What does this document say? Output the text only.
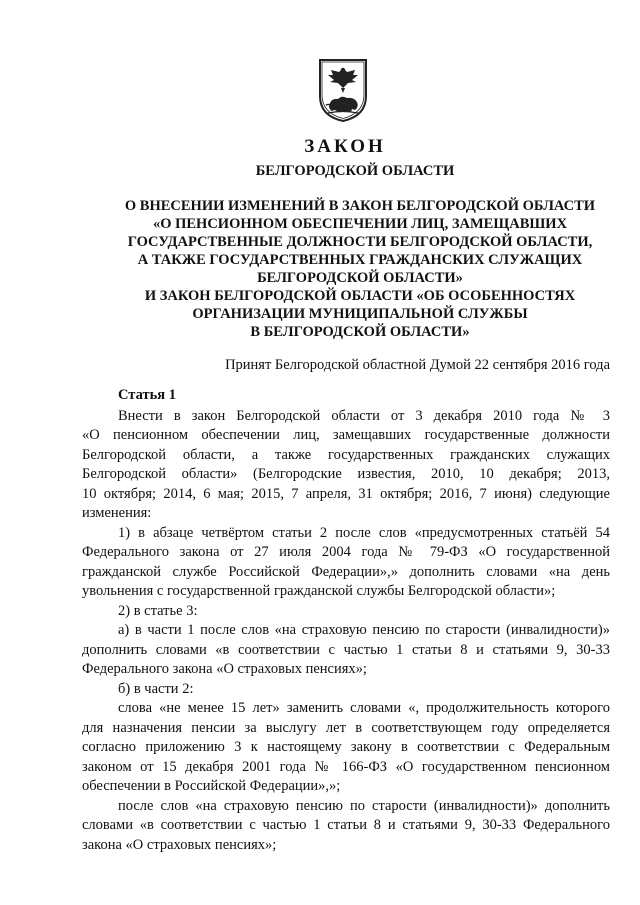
ЗАКОН
БЕЛГОРОДСКОЙ ОБЛАСТИ
О ВНЕСЕНИИ ИЗМЕНЕНИЙ В ЗАКОН БЕЛГОРОДСКОЙ ОБЛАСТИ
«О ПЕНСИОННОМ ОБЕСПЕЧЕНИИ ЛИЦ, ЗАМЕЩАВШИХ
ГОСУДАРСТВЕННЫЕ ДОЛЖНОСТИ БЕЛГОРОДСКОЙ ОБЛАСТИ,
А ТАКЖЕ ГОСУДАРСТВЕННЫХ ГРАЖДАНСКИХ СЛУЖАЩИХ
БЕЛГОРОДСКОЙ ОБЛАСТИ»
И ЗАКОН БЕЛГОРОДСКОЙ ОБЛАСТИ «ОБ ОСОБЕННОСТЯХ
ОРГАНИЗАЦИИ МУНИЦИПАЛЬНОЙ СЛУЖБЫ
В БЕЛГОРОДСКОЙ ОБЛАСТИ»
Принят Белгородской областной Думой 22 сентября 2016 года
Статья 1
Внести в закон Белгородской области от 3 декабря 2010 года № 3
«О пенсионном обеспечении лиц, замещавших государственные должности
Белгородской области, а также государственных гражданских служащих
Белгородской области» (Белгородские известия, 2010, 10 декабря; 2013,
10 октября; 2014, 6 мая; 2015, 7 апреля, 31 октября; 2016, 7 июня) следующие
изменения:
1) в абзаце четвёртом статьи 2 после слов «предусмотренных статьёй 54
Федерального закона от 27 июля 2004 года № 79-ФЗ «О государственной
гражданской службе Российской Федерации»,» дополнить словами «на день
увольнения с государственной гражданской службы Белгородской области»;
2) в статье 3:
а) в части 1 после слов «на страховую пенсию по старости (инвалидности)»
дополнить словами «в соответствии с частью 1 статьи 8 и статьями 9, 30-33
Федерального закона «О страховых пенсиях»;
б) в части 2:
слова «не менее 15 лет» заменить словами «, продолжительность которого
для назначения пенсии за выслугу лет в соответствующем году определяется
согласно приложению 3 к настоящему закону в соответствии с Федеральным
законом от 15 декабря 2001 года № 166-ФЗ «О государственном пенсионном
обеспечении в Российской Федерации»,»;
после слов «на страховую пенсию по старости (инвалидности)» дополнить
словами «в соответствии с частью 1 статьи 8 и статьями 9, 30-33 Федерального
закона «О страховых пенсиях»;
